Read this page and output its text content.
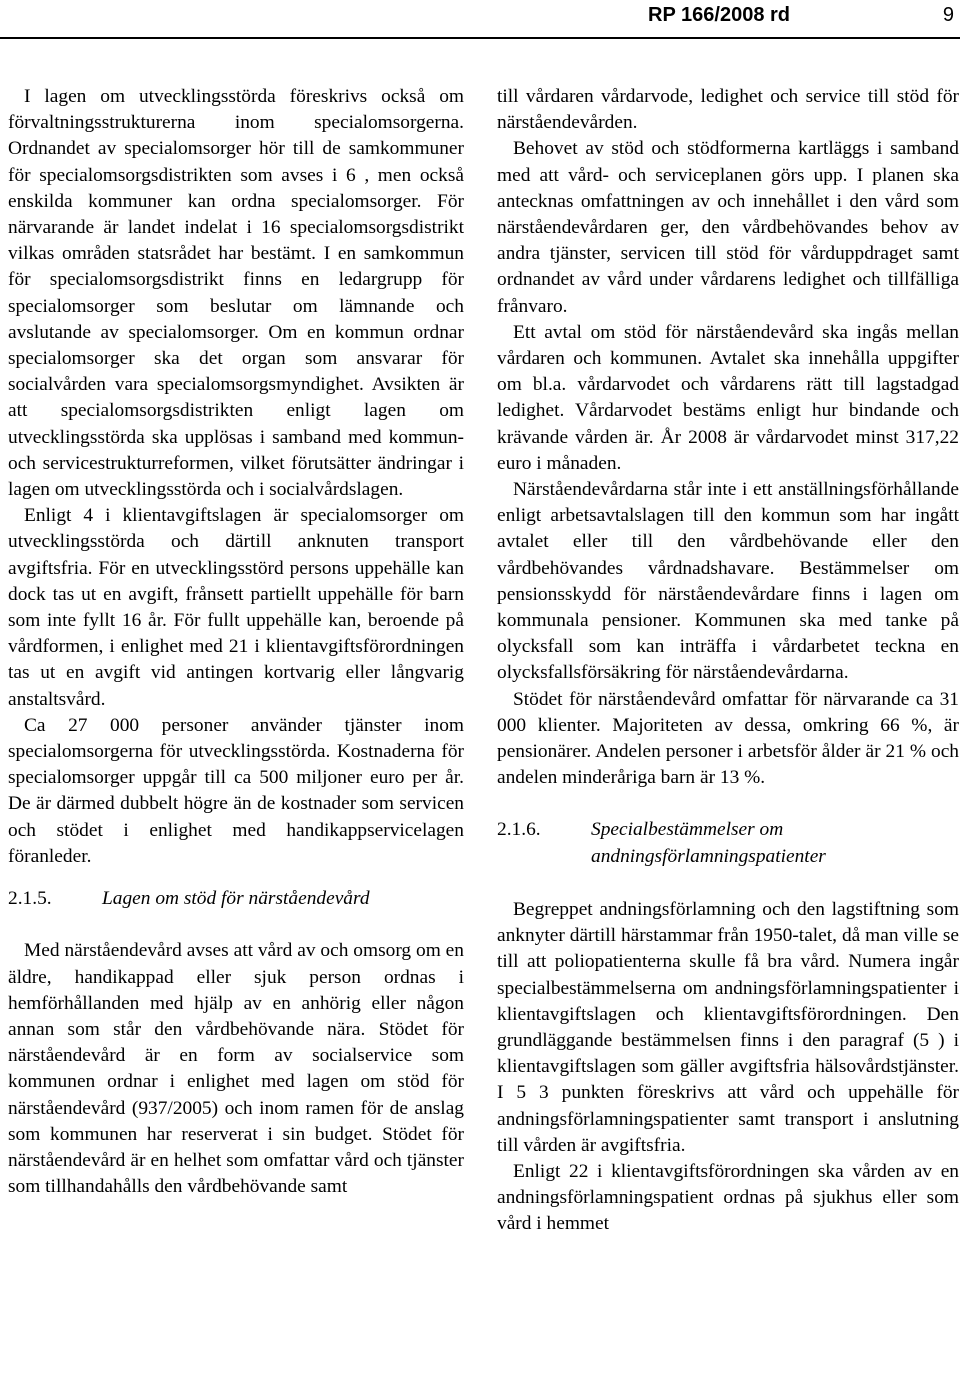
RP 166/2008 rd	9

I lagen om utvecklingsstörda föreskrivs också om förvaltningsstrukturerna inom specialomsorgerna. Ordnandet av specialomsorger hör till de samkommuner för specialomsorgsdistrikten som avses i 6 , men också enskilda kommuner kan ordna specialomsorger. För närvarande är landet indelat i 16 specialomsorgsdistrikt vilkas områden statsrådet har bestämt. I en samkommun för specialomsorgsdistrikt finns en ledargrupp för specialomsorger som beslutar om lämnande och avslutande av specialomsorger. Om en kommun ordnar specialomsorger ska det organ som ansvarar för socialvården vara specialomsorgsmyndighet. Avsikten är att specialomsorgsdistrikten enligt lagen om utvecklingsstörda ska upplösas i samband med kommun- och servicestrukturreformen, vilket förutsätter ändringar i lagen om utvecklingsstörda och i socialvårdslagen.

Enligt 4 i klientavgiftslagen är specialomsorger om utvecklingsstörda och därtill anknuten transport avgiftsfria. För en utvecklingsstörd persons uppehälle kan dock tas ut en avgift, frånsett partiellt uppehälle för barn som inte fyllt 16 år. För fullt uppehälle kan, beroende på vårdformen, i enlighet med 21 i klientavgiftsförordningen tas ut en avgift vid antingen kortvarig eller långvarig anstaltsvård.

Ca 27 000 personer använder tjänster inom specialomsorgerna för utvecklingsstörda. Kostnaderna för specialomsorger uppgår till ca 500 miljoner euro per år. De är därmed dubbelt högre än de kostnader som servicen och stödet i enlighet med handikappservicelagen föranleder.

2.1.5.	Lagen om stöd för närståendevård

Med närståendevård avses att vård av och omsorg om en äldre, handikappad eller sjuk person ordnas i hemförhållanden med hjälp av en anhörig eller någon annan som står den vårdbehövande nära. Stödet för närståendevård är en form av socialservice som kommunen ordnar i enlighet med lagen om stöd för närståendevård (937/2005) och inom ramen för de anslag som kommunen har reserverat i sin budget. Stödet för närståendevård är en helhet som omfattar vård och tjänster som tillhandahålls den vårdbehövande samt

till vårdaren vårdarvode, ledighet och service till stöd för närståendevården.

Behovet av stöd och stödformerna kartläggs i samband med att vård- och serviceplanen görs upp. I planen ska antecknas omfattningen av och innehållet i den vård som närståendevårdaren ger, den vårdbehövandes behov av andra tjänster, servicen till stöd för vårduppdraget samt ordnandet av vård under vårdarens ledighet och tillfälliga frånvaro.

Ett avtal om stöd för närståendevård ska ingås mellan vårdaren och kommunen. Avtalet ska innehålla uppgifter om bl.a. vårdarvodet och vårdarens rätt till lagstadgad ledighet. Vårdarvodet bestäms enligt hur bindande och krävande vården är. År 2008 är vårdarvodet minst 317,22 euro i månaden.

Närståendevårdarna står inte i ett anställningsförhållande enligt arbetsavtalslagen till den kommun som har ingått avtalet eller till den vårdbehövande eller den vårdbehövandes vårdnadshavare. Bestämmelser om pensionsskydd för närståendevårdare finns i lagen om kommunala pensioner. Kommunen ska med tanke på olycksfall som kan inträffa i vårdarbetet teckna en olycksfallsförsäkring för närståendevårdarna.

Stödet för närståendevård omfattar för närvarande ca 31 000 klienter. Majoriteten av dessa, omkring 66 %, är pensionärer. Andelen personer i arbetsför ålder är 21 % och andelen minderåriga barn är 13 %.

2.1.6.	Specialbestämmelser om andningsförlamningspatienter

Begreppet andningsförlamning och den lagstiftning som anknyter därtill härstammar från 1950-talet, då man ville se till att poliopatienterna skulle få bra vård. Numera ingår specialbestämmelserna om andningsförlamningspatienter i klientavgiftslagen och klientavgiftsförordningen. Den grundläggande bestämmelsen finns i den paragraf (5 ) i klientavgiftslagen som gäller avgiftsfria hälsovårdstjänster. I 5 3 punkten föreskrivs att vård och uppehälle för andningsförlamningspatienter samt transport i anslutning till vården är avgiftsfria.

Enligt 22 i klientavgiftsförordningen ska vården av en andningsförlamningspatient ordnas på sjukhus eller som vård i hemmet
